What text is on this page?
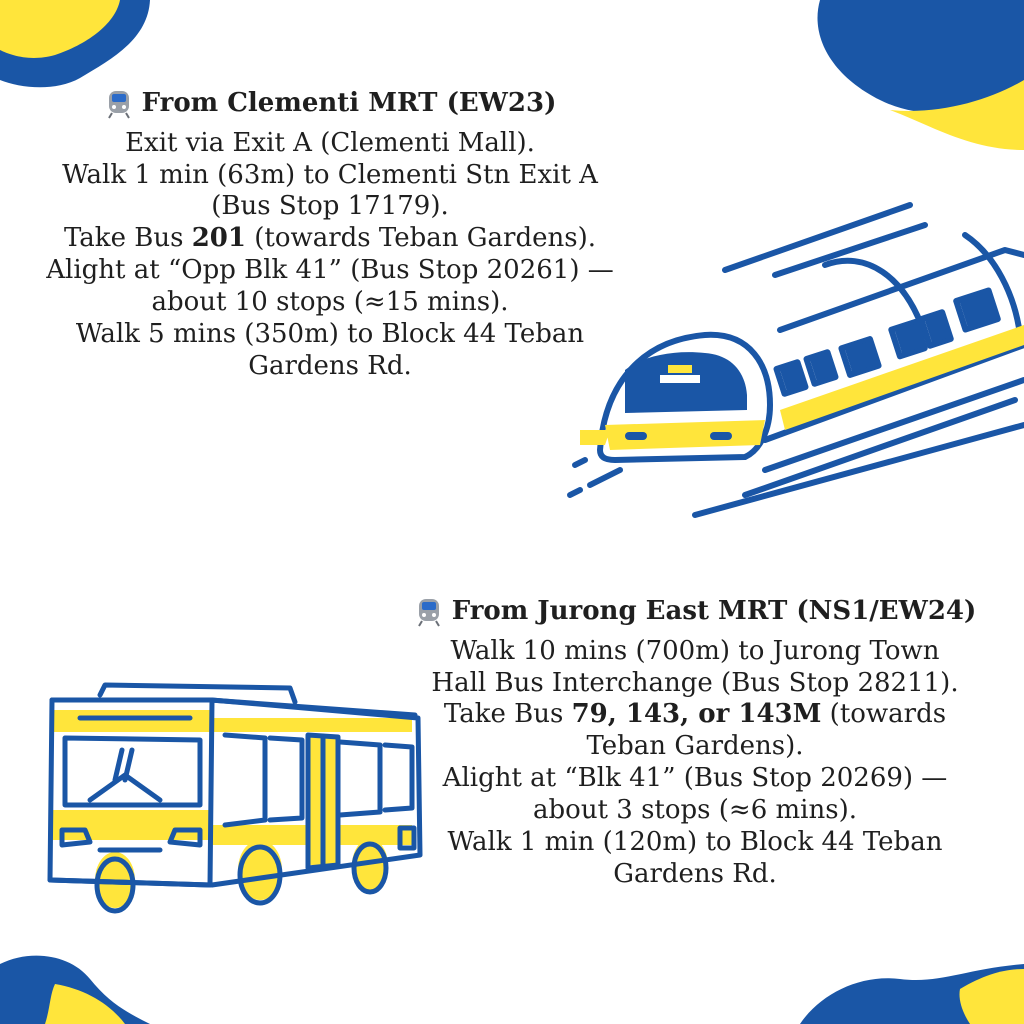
From Clementi MRT (EW23)
Exit via Exit A (Clementi Mall).
Walk 1 min (63m) to Clementi Stn Exit A
(Bus Stop 17179).
Take Bus 201 (towards Teban Gardens).
Alight at “Opp Blk 41” (Bus Stop 20261) —
about 10 stops (≈15 mins).
Walk 5 mins (350m) to Block 44 Teban
Gardens Rd.
From Jurong East MRT (NS1/EW24)
Walk 10 mins (700m) to Jurong Town
Hall Bus Interchange (Bus Stop 28211).
Take Bus 79, 143, or 143M (towards
Teban Gardens).
Alight at “Blk 41” (Bus Stop 20269) —
about 3 stops (≈6 mins).
Walk 1 min (120m) to Block 44 Teban
Gardens Rd.
